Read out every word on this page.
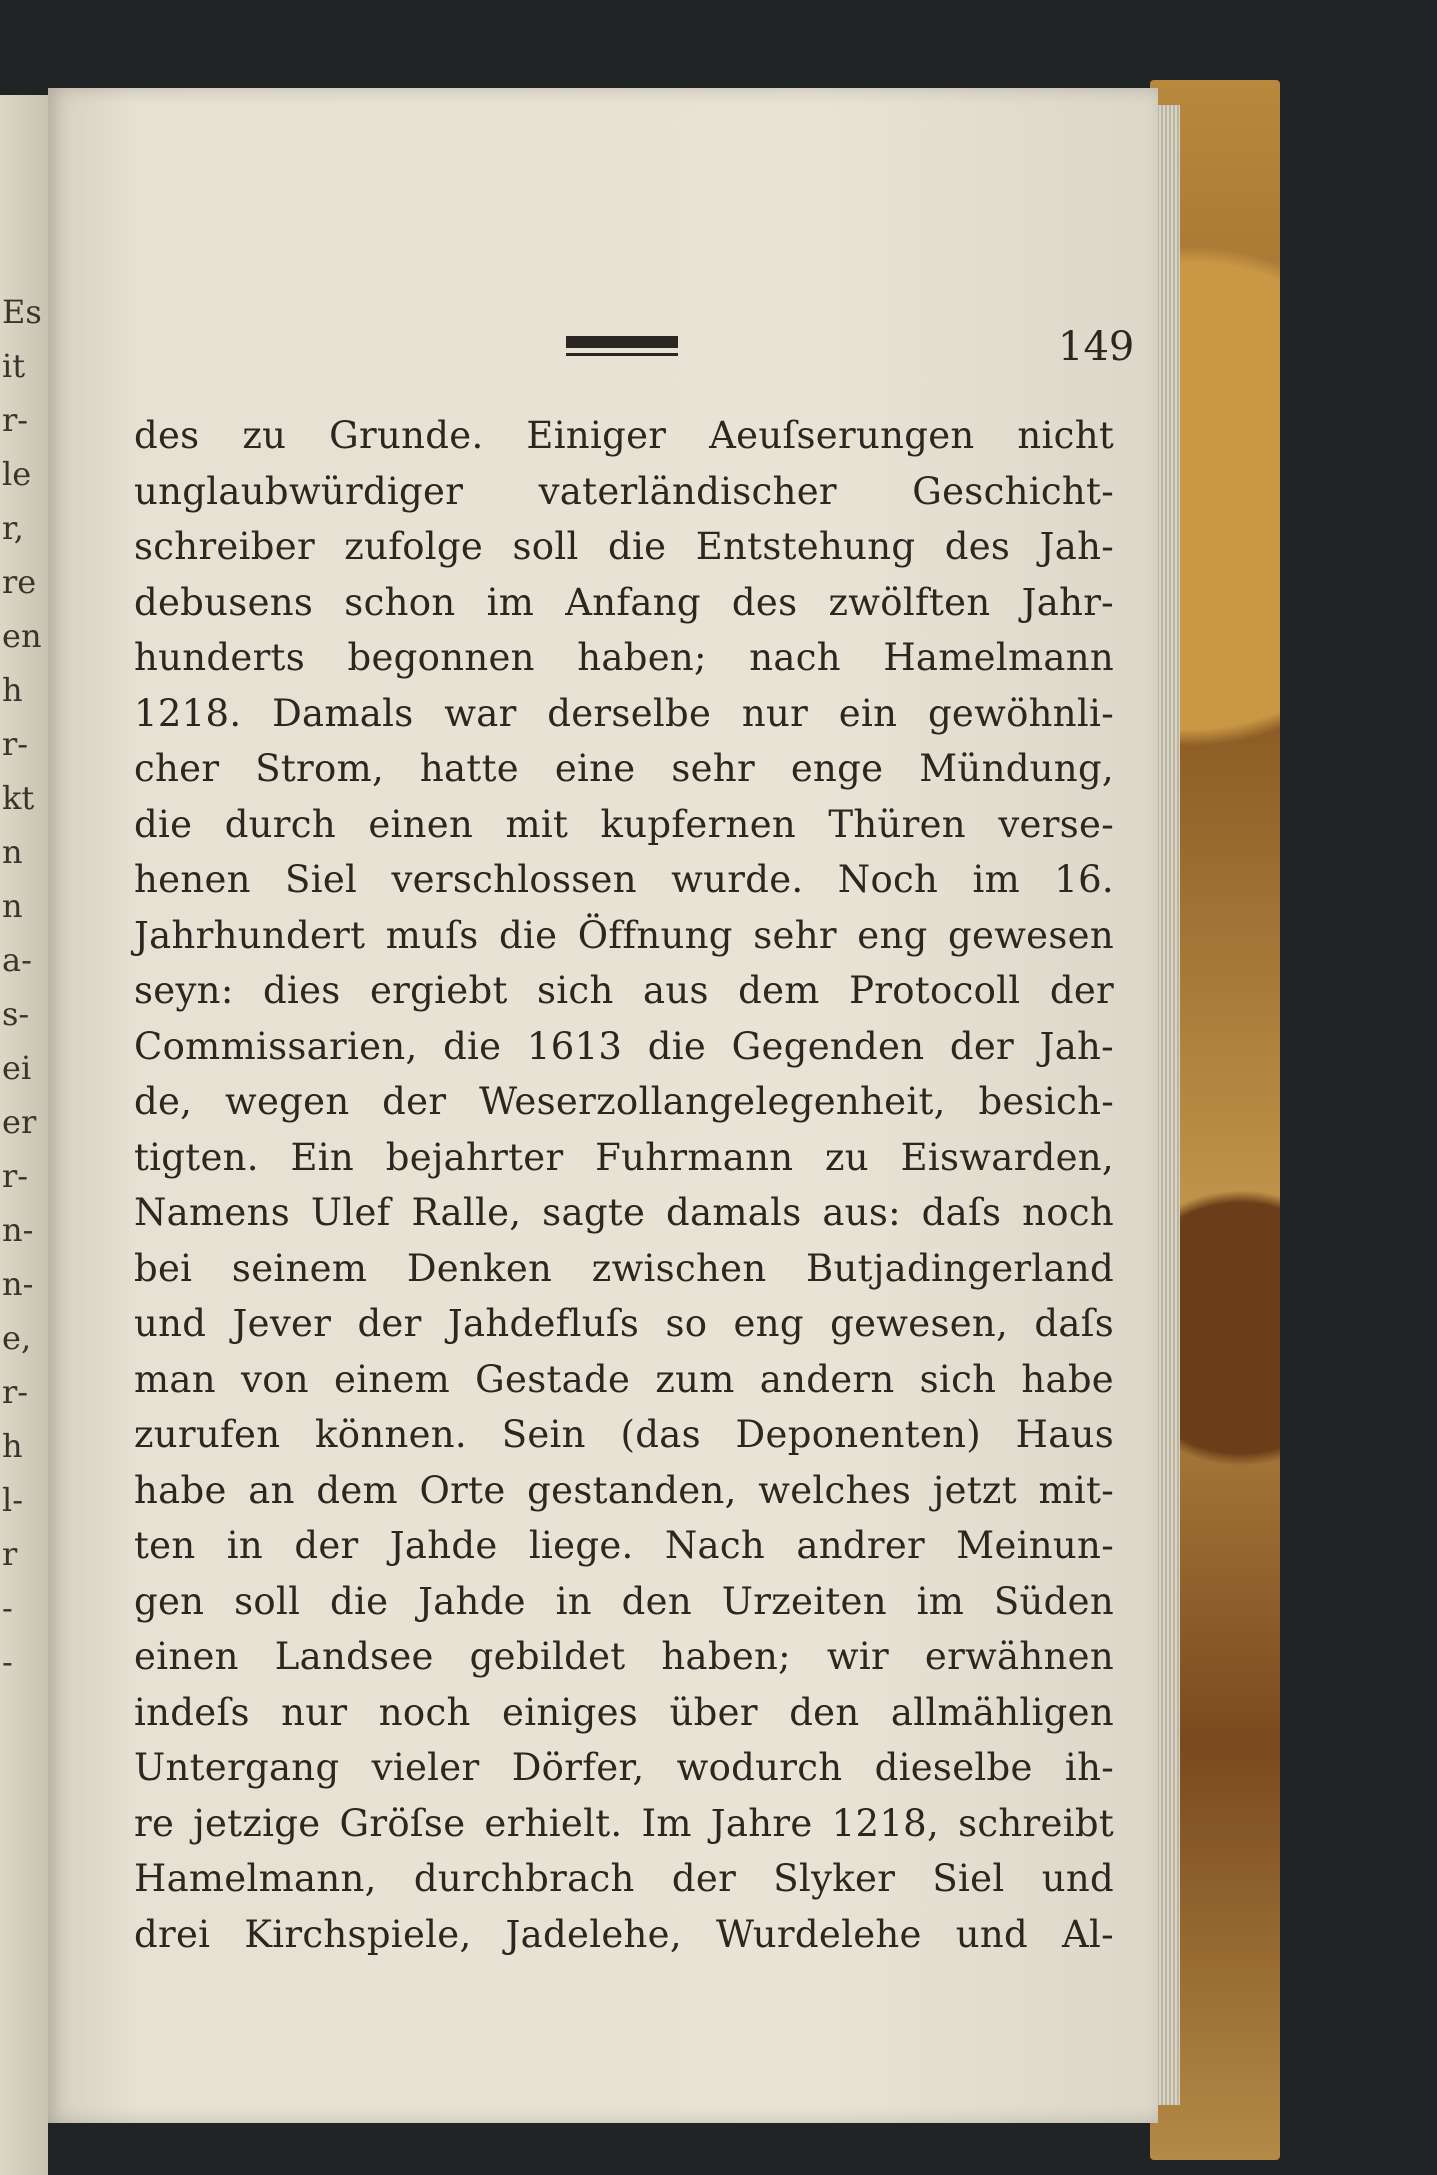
Es
it
r-
le
r,
re
en
h
r-
kt
n
n
a-
s-
ei
er
r-
n-
n-
e,
r-
h
l-
r
-
-
149
des zu Grunde. Einiger Aeuſserungen nicht
unglaubwürdiger vaterländischer Geschicht-
schreiber zufolge soll die Entstehung des Jah-
debusens schon im Anfang des zwölften Jahr-
hunderts begonnen haben; nach Hamelmann
1218. Damals war derselbe nur ein gewöhnli-
cher Strom, hatte eine sehr enge Mündung,
die durch einen mit kupfernen Thüren verse-
henen Siel verschlossen wurde. Noch im 16.
Jahrhundert muſs die Öffnung sehr eng gewesen
seyn: dies ergiebt sich aus dem Protocoll der
Commissarien, die 1613 die Gegenden der Jah-
de, wegen der Weserzollangelegenheit, besich-
tigten. Ein bejahrter Fuhrmann zu Eiswarden,
Namens Ulef Ralle, sagte damals aus: daſs noch
bei seinem Denken zwischen Butjadingerland
und Jever der Jahdefluſs so eng gewesen, daſs
man von einem Gestade zum andern sich habe
zurufen können. Sein (das Deponenten) Haus
habe an dem Orte gestanden, welches jetzt mit-
ten in der Jahde liege. Nach andrer Meinun-
gen soll die Jahde in den Urzeiten im Süden
einen Landsee gebildet haben; wir erwähnen
indeſs nur noch einiges über den allmähligen
Untergang vieler Dörfer, wodurch dieselbe ih-
re jetzige Gröſse erhielt. Im Jahre 1218, schreibt
Hamelmann, durchbrach der Slyker Siel und
drei Kirchspiele, Jadelehe, Wurdelehe und Al-
